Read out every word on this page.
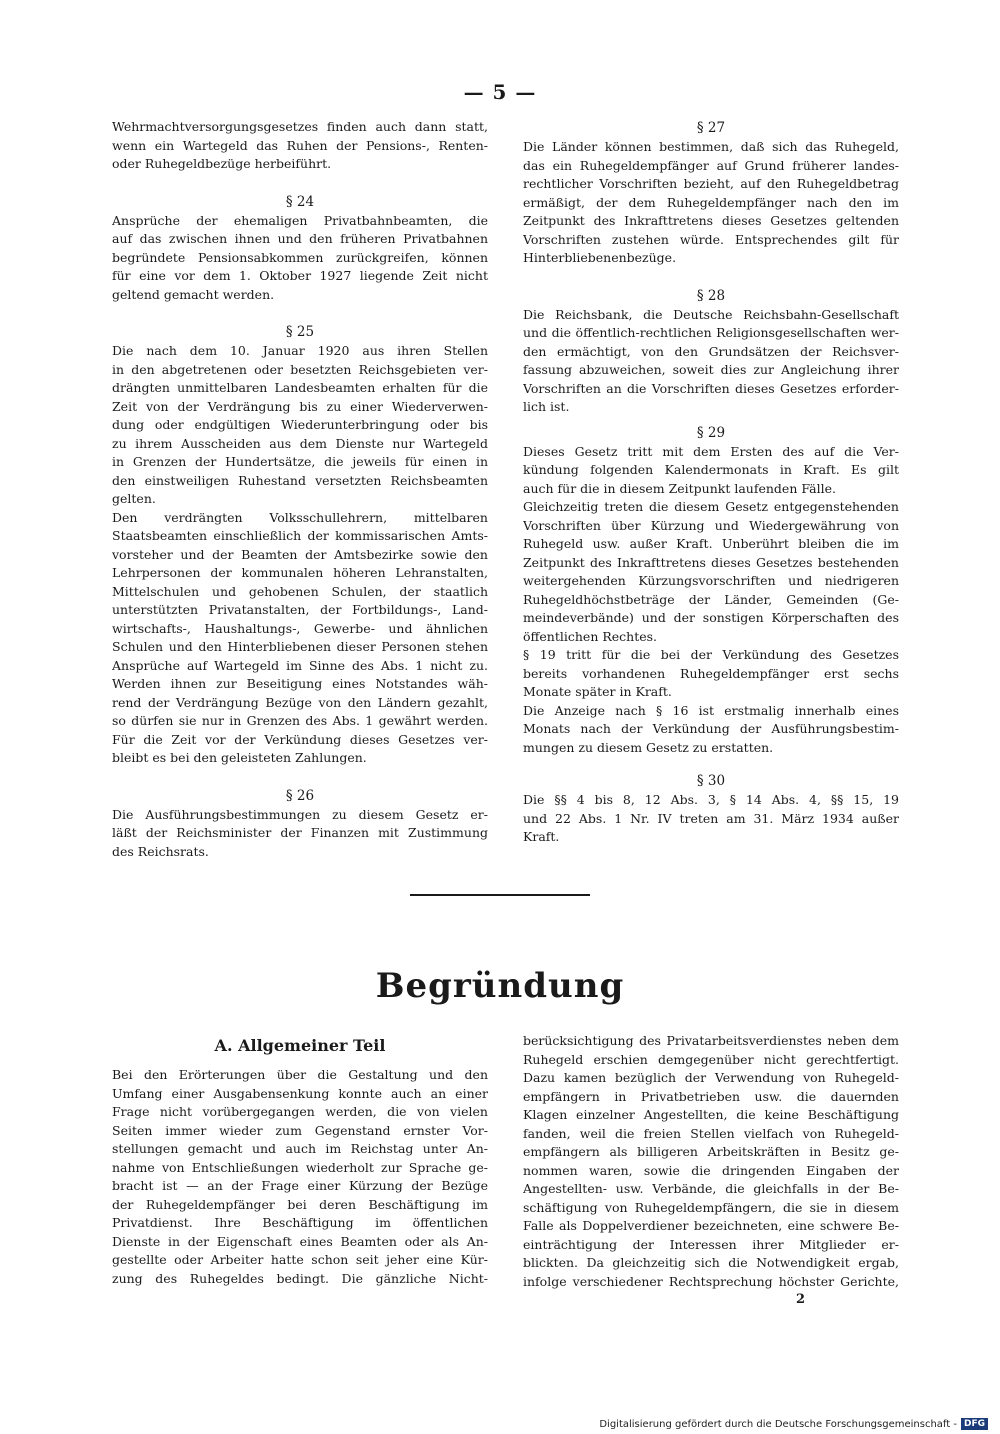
— 5 —
Wehrmachtversorgungsgesetzes finden auch dann statt,
wenn ein Wartegeld das Ruhen der Pensions-, Renten-
oder Ruhegeldbezüge herbeiführt.
§ 24
Ansprüche der ehemaligen Privatbahnbeamten, die
auf das zwischen ihnen und den früheren Privatbahnen
begründete Pensionsabkommen zurückgreifen, können
für eine vor dem 1. Oktober 1927 liegende Zeit nicht
geltend gemacht werden.
§ 25
Die nach dem 10. Januar 1920 aus ihren Stellen
in den abgetretenen oder besetzten Reichsgebieten ver-
drängten unmittelbaren Landesbeamten erhalten für die
Zeit von der Verdrängung bis zu einer Wiederverwen-
dung oder endgültigen Wiederunterbringung oder bis
zu ihrem Ausscheiden aus dem Dienste nur Wartegeld
in Grenzen der Hundertsätze, die jeweils für einen in
den einstweiligen Ruhestand versetzten Reichsbeamten
gelten.
Den verdrängten Volksschullehrern, mittelbaren
Staatsbeamten einschließlich der kommissarischen Amts-
vorsteher und der Beamten der Amtsbezirke sowie den
Lehrpersonen der kommunalen höheren Lehranstalten,
Mittelschulen und gehobenen Schulen, der staatlich
unterstützten Privatanstalten, der Fortbildungs-, Land-
wirtschafts-, Haushaltungs-, Gewerbe- und ähnlichen
Schulen und den Hinterbliebenen dieser Personen stehen
Ansprüche auf Wartegeld im Sinne des Abs. 1 nicht zu.
Werden ihnen zur Beseitigung eines Notstandes wäh-
rend der Verdrängung Bezüge von den Ländern gezahlt,
so dürfen sie nur in Grenzen des Abs. 1 gewährt werden.
Für die Zeit vor der Verkündung dieses Gesetzes ver-
bleibt es bei den geleisteten Zahlungen.
§ 26
Die Ausführungsbestimmungen zu diesem Gesetz er-
läßt der Reichsminister der Finanzen mit Zustimmung
des Reichsrats.
§ 27
Die Länder können bestimmen, daß sich das Ruhegeld,
das ein Ruhegeldempfänger auf Grund früherer landes-
rechtlicher Vorschriften bezieht, auf den Ruhegeldbetrag
ermäßigt, der dem Ruhegeldempfänger nach den im
Zeitpunkt des Inkrafttretens dieses Gesetzes geltenden
Vorschriften zustehen würde. Entsprechendes gilt für
Hinterbliebenenbezüge.
§ 28
Die Reichsbank, die Deutsche Reichsbahn-Gesellschaft
und die öffentlich-rechtlichen Religionsgesellschaften wer-
den ermächtigt, von den Grundsätzen der Reichsver-
fassung abzuweichen, soweit dies zur Angleichung ihrer
Vorschriften an die Vorschriften dieses Gesetzes erforder-
lich ist.
§ 29
Dieses Gesetz tritt mit dem Ersten des auf die Ver-
kündung folgenden Kalendermonats in Kraft. Es gilt
auch für die in diesem Zeitpunkt laufenden Fälle.
Gleichzeitig treten die diesem Gesetz entgegenstehenden
Vorschriften über Kürzung und Wiedergewährung von
Ruhegeld usw. außer Kraft. Unberührt bleiben die im
Zeitpunkt des Inkrafttretens dieses Gesetzes bestehenden
weitergehenden Kürzungsvorschriften und niedrigeren
Ruhegeldhöchstbeträge der Länder, Gemeinden (Ge-
meindeverbände) und der sonstigen Körperschaften des
öffentlichen Rechtes.
§ 19 tritt für die bei der Verkündung des Gesetzes
bereits vorhandenen Ruhegeldempfänger erst sechs
Monate später in Kraft.
Die Anzeige nach § 16 ist erstmalig innerhalb eines
Monats nach der Verkündung der Ausführungsbestim-
mungen zu diesem Gesetz zu erstatten.
§ 30
Die §§ 4 bis 8, 12 Abs. 3, § 14 Abs. 4, §§ 15, 19
und 22 Abs. 1 Nr. IV treten am 31. März 1934 außer
Kraft.
Begründung
A. Allgemeiner Teil
Bei den Erörterungen über die Gestaltung und den
Umfang einer Ausgabensenkung konnte auch an einer
Frage nicht vorübergegangen werden, die von vielen
Seiten immer wieder zum Gegenstand ernster Vor-
stellungen gemacht und auch im Reichstag unter An-
nahme von Entschließungen wiederholt zur Sprache ge-
bracht ist — an der Frage einer Kürzung der Bezüge
der Ruhegeldempfänger bei deren Beschäftigung im
Privatdienst. Ihre Beschäftigung im öffentlichen
Dienste in der Eigenschaft eines Beamten oder als An-
gestellte oder Arbeiter hatte schon seit jeher eine Kür-
zung des Ruhegeldes bedingt. Die gänzliche Nicht-
berücksichtigung des Privatarbeitsverdienstes neben dem
Ruhegeld erschien demgegenüber nicht gerechtfertigt.
Dazu kamen bezüglich der Verwendung von Ruhegeld-
empfängern in Privatbetrieben usw. die dauernden
Klagen einzelner Angestellten, die keine Beschäftigung
fanden, weil die freien Stellen vielfach von Ruhegeld-
empfängern als billigeren Arbeitskräften in Besitz ge-
nommen waren, sowie die dringenden Eingaben der
Angestellten- usw. Verbände, die gleichfalls in der Be-
schäftigung von Ruhegeldempfängern, die sie in diesem
Falle als Doppelverdiener bezeichneten, eine schwere Be-
einträchtigung der Interessen ihrer Mitglieder er-
blickten. Da gleichzeitig sich die Notwendigkeit ergab,
infolge verschiedener Rechtsprechung höchster Gerichte,
2
Digitalisierung gefördert durch die Deutsche Forschungsgemeinschaft - DFG
